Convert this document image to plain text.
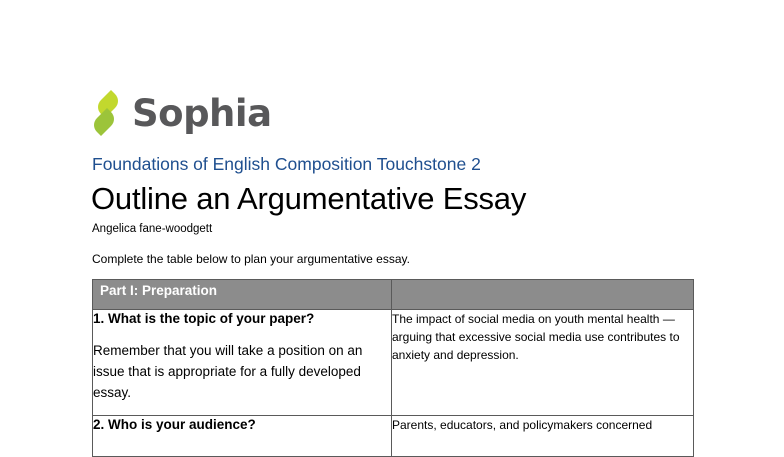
Sophia
Foundations of English Composition Touchstone 2
Outline an Argumentative Essay
Angelica fane-woodgett
Complete the table below to plan your argumentative essay.
Part I: Preparation	

1. What is the topic of your paper?
Remember that you will take a position on an issue that is appropriate for a fully developed essay.	The impact of social media on youth mental health — arguing that excessive social media use contributes to anxiety and depression.

2. Who is your audience?	Parents, educators, and policymakers concerned
